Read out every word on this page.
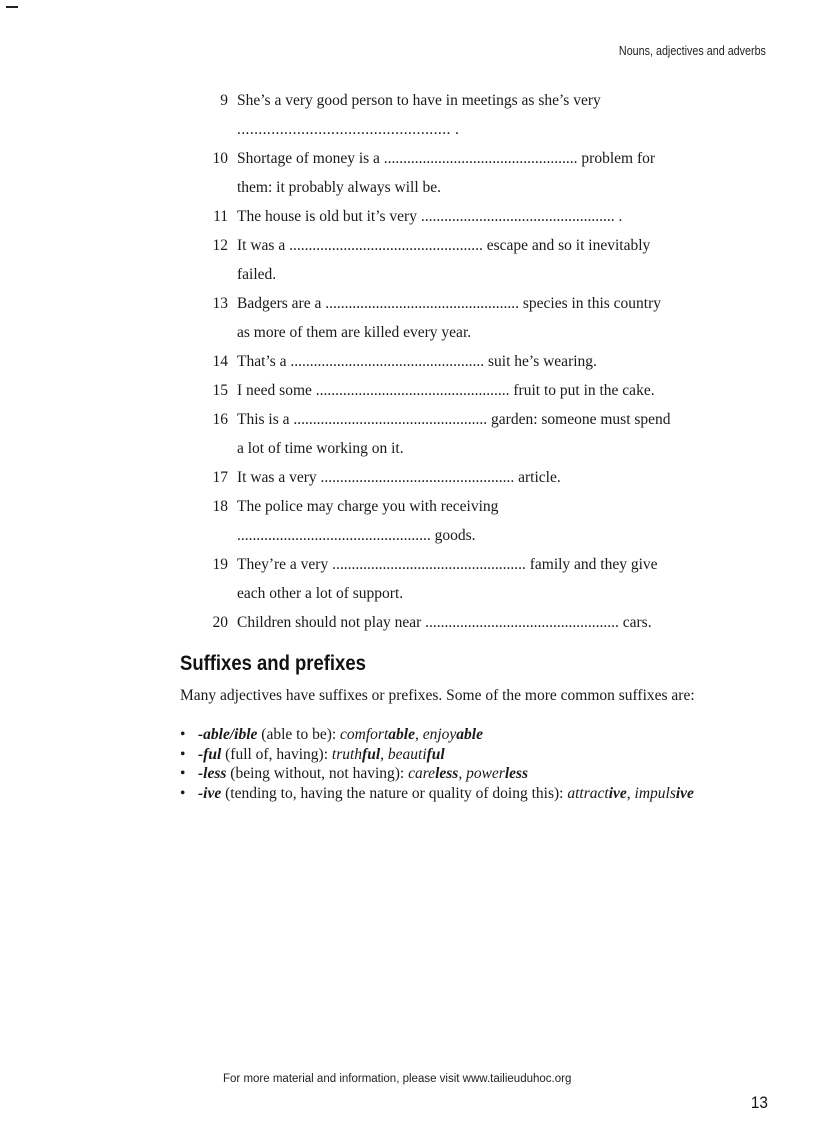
Nouns, adjectives and adverbs
9 She’s a very good person to have in meetings as she’s very
.................................................. .
10 Shortage of money is a .................................................. problem for
them: it probably always will be.
11 The house is old but it’s very .................................................. .
12 It was a .................................................. escape and so it inevitably
failed.
13 Badgers are a .................................................. species in this country
as more of them are killed every year.
14 That’s a .................................................. suit he’s wearing.
15 I need some .................................................. fruit to put in the cake.
16 This is a .................................................. garden: someone must spend
a lot of time working on it.
17 It was a very .................................................. article.
18 The police may charge you with receiving
.................................................. goods.
19 They’re a very .................................................. family and they give
each other a lot of support.
20 Children should not play near .................................................. cars.
Suffixes and prefixes
Many adjectives have suffixes or prefixes. Some of the more common suffixes are:
• -able/ible (able to be): comfortable, enjoyable
• -ful (full of, having): truthful, beautiful
• -less (being without, not having): careless, powerless
• -ive (tending to, having the nature or quality of doing this): attractive, impulsive
For more material and information, please visit www.tailieuduhoc.org
13
